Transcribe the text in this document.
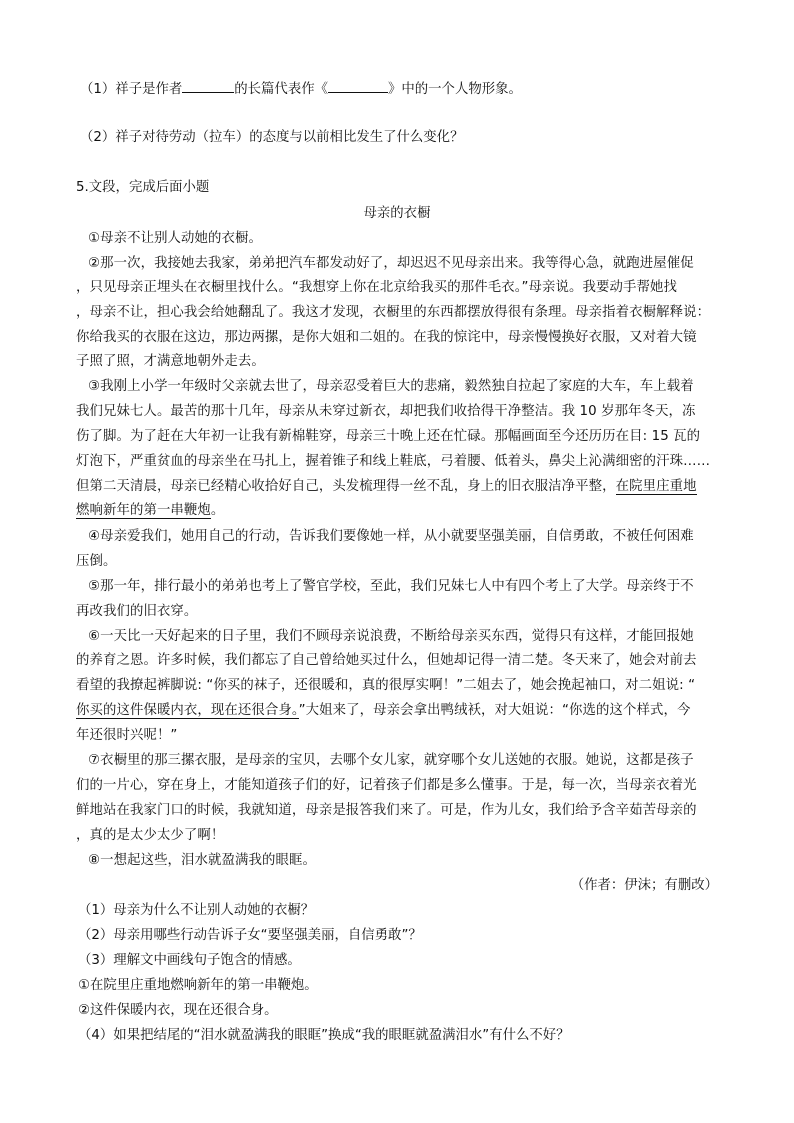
（1）祥子是作者	的长篇代表作《	》中的一个人物形象。
（2）祥子对待劳动（拉车）的态度与以前相比发生了什么变化？
5.文段，完成后面小题
母亲的衣橱
①母亲不让别人动她的衣橱。
②那一次，我接她去我家，弟弟把汽车都发动好了，却迟迟不见母亲出来。我等得心急，就跑进屋催促
，只见母亲正埋头在衣橱里找什么。“我想穿上你在北京给我买的那件毛衣。”母亲说。我要动手帮她找
，母亲不让，担心我会给她翻乱了。我这才发现，衣橱里的东西都摆放得很有条理。母亲指着衣橱解释说：
你给我买的衣服在这边，那边两摞，是你大姐和二姐的。在我的惊诧中，母亲慢慢换好衣服，又对着大镜
子照了照，才满意地朝外走去。
③我刚上小学一年级时父亲就去世了，母亲忍受着巨大的悲痛，毅然独自拉起了家庭的大车，车上载着
我们兄妹七人。最苦的那十几年，母亲从未穿过新衣，却把我们收拾得干净整洁。我 10 岁那年冬天，冻
伤了脚。为了赶在大年初一让我有新棉鞋穿，母亲三十晚上还在忙碌。那幅画面至今还历历在目: 15 瓦的
灯泡下，严重贫血的母亲坐在马扎上，握着锥子和线上鞋底，弓着腰、低着头，鼻尖上沁满细密的汗珠……
但第二天清晨，母亲已经精心收拾好自己，头发梳理得一丝不乱，身上的旧衣服洁净平整，在院里庄重地
燃响新年的第一串鞭炮。
④母亲爱我们，她用自己的行动，告诉我们要像她一样，从小就要坚强美丽，自信勇敢，不被任何困难
压倒。
⑤那一年，排行最小的弟弟也考上了警官学校，至此，我们兄妹七人中有四个考上了大学。母亲终于不
再改我们的旧衣穿。
⑥一天比一天好起来的日子里，我们不顾母亲说浪费，不断给母亲买东西，觉得只有这样，才能回报她
的养育之恩。许多时候，我们都忘了自己曾给她买过什么，但她却记得一清二楚。冬天来了，她会对前去
看望的我撩起裤脚说: “你买的袜子，还很暖和，真的很厚实啊！”二姐去了，她会挽起袖口，对二姐说: “
你买的这件保暖内衣，现在还很合身。”大姐来了，母亲会拿出鸭绒袄，对大姐说：“你选的这个样式，今
年还很时兴呢！”
⑦衣橱里的那三摞衣服，是母亲的宝贝，去哪个女儿家，就穿哪个女儿送她的衣服。她说，这都是孩子
们的一片心，穿在身上，才能知道孩子们的好，记着孩子们都是多么懂事。于是，每一次，当母亲衣着光
鲜地站在我家门口的时候，我就知道，母亲是报答我们来了。可是，作为儿女，我们给予含辛茹苦母亲的
，真的是太少太少了啊！
⑧一想起这些，泪水就盈满我的眼眶。
（作者：伊沫；有删改）
（1）母亲为什么不让别人动她的衣橱？
（2）母亲用哪些行动告诉子女“要坚强美丽，自信勇敢”？
（3）理解文中画线句子饱含的情感。
①在院里庄重地燃响新年的第一串鞭炮。
②这件保暖内衣，现在还很合身。
（4）如果把结尾的“泪水就盈满我的眼眶”换成“我的眼眶就盈满泪水”有什么不好？
